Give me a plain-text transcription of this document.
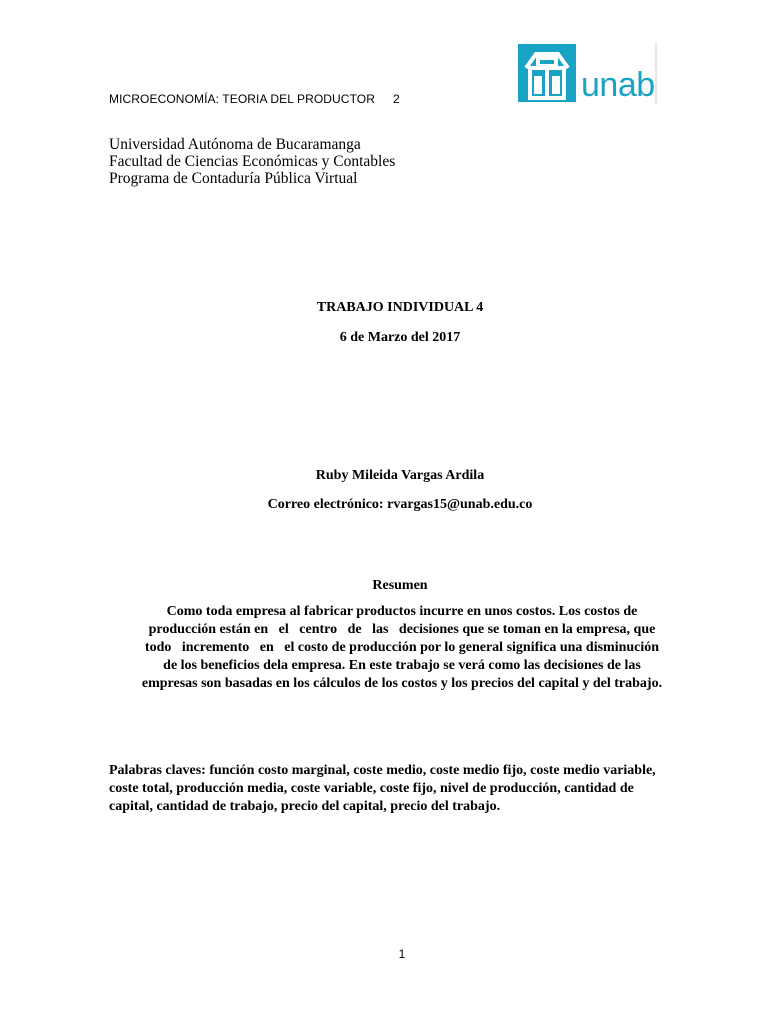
MICROECONOMÍA: TEORIA DEL PRODUCTOR 2	unab
Universidad Autónoma de Bucaramanga
Facultad de Ciencias Económicas y Contables
Programa de Contaduría Pública Virtual
TRABAJO INDIVIDUAL 4
6 de Marzo del 2017
Ruby Mileida Vargas Ardila
Correo electrónico: rvargas15@unab.edu.co
Resumen

Como toda empresa al fabricar productos incurre en unos costos. Los costos de

producción están en   el   centro   de   las   decisiones que se toman en la empresa, que

todo   incremento   en   el costo de producción por lo general significa una disminución

de los beneficios dela empresa. En este trabajo se verá como las decisiones de las

empresas son basadas en los cálculos de los costos y los precios del capital y del trabajo.

Palabras claves: función costo marginal, coste medio, coste medio fijo, coste medio variable, coste total, producción media, coste variable, coste fijo, nivel de producción, cantidad de capital, cantidad de trabajo, precio del capital, precio del trabajo.
1
